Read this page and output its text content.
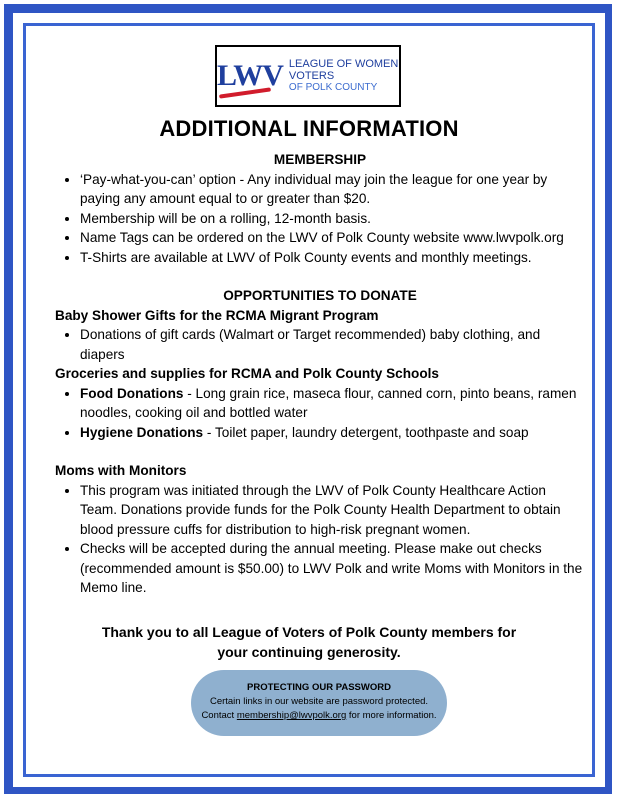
LWV LEAGUE OF WOMEN VOTERS
OF POLK COUNTY
ADDITIONAL INFORMATION
MEMBERSHIP
• ‘Pay-what-you-can’ option - Any individual may join the league for one year by paying any amount equal to or greater than $20.
• Membership will be on a rolling, 12-month basis.
• Name Tags can be ordered on the LWV of Polk County website www.lwvpolk.org
• T-Shirts are available at LWV of Polk County events and monthly meetings.
OPPORTUNITIES TO DONATE
Baby Shower Gifts for the RCMA Migrant Program
• Donations of gift cards (Walmart or Target recommended) baby clothing, and diapers
Groceries and supplies for RCMA and Polk County Schools
• Food Donations - Long grain rice, maseca flour, canned corn, pinto beans, ramen noodles, cooking oil and bottled water
• Hygiene Donations - Toilet paper, laundry detergent, toothpaste and soap
Moms with Monitors
• This program was initiated through the LWV of Polk County Healthcare Action Team. Donations provide funds for the Polk County Health Department to obtain blood pressure cuffs for distribution to high-risk pregnant women.
• Checks will be accepted during the annual meeting. Please make out checks (recommended amount is $50.00) to LWV Polk and write Moms with Monitors in the Memo line.
Thank you to all League of Voters of Polk County members for
your continuing generosity.
PROTECTING OUR PASSWORD
Certain links in our website are password protected.
Contact membership@lwvpolk.org for more information.
